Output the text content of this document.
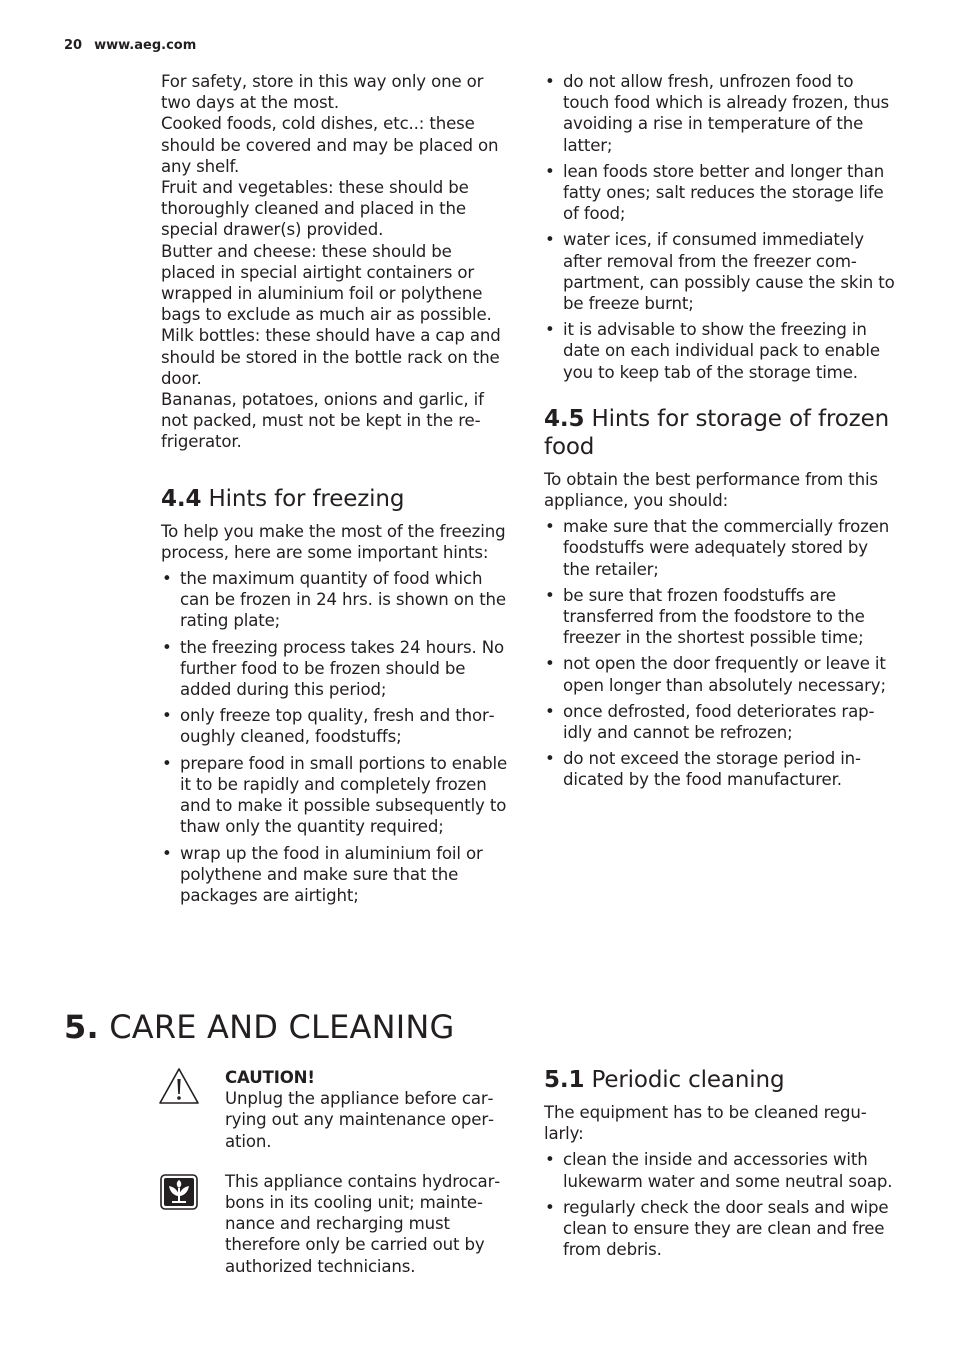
20 www.aeg.com

For safety, store in this way only one or two days at the most.

Cooked foods, cold dishes, etc..: these should be covered and may be placed on any shelf.

Fruit and vegetables: these should be thoroughly cleaned and placed in the special drawer(s) provided.

Butter and cheese: these should be placed in special airtight containers or wrapped in aluminium foil or polythene bags to exclude as much air as possible.

Milk bottles: these should have a cap and should be stored in the bottle rack on the door.

Bananas, potatoes, onions and garlic, if not packed, must not be kept in the refrigerator.

4.4 Hints for freezing

To help you make the most of the freezing process, here are some important hints:

• the maximum quantity of food which can be frozen in 24 hrs. is shown on the rating plate;
• the freezing process takes 24 hours. No further food to be frozen should be added during this period;
• only freeze top quality, fresh and thoroughly cleaned, foodstuffs;
• prepare food in small portions to enable it to be rapidly and completely frozen and to make it possible subsequently to thaw only the quantity required;
• wrap up the food in aluminium foil or polythene and make sure that the packages are airtight;
• do not allow fresh, unfrozen food to touch food which is already frozen, thus avoiding a rise in temperature of the latter;
• lean foods store better and longer than fatty ones; salt reduces the storage life of food;
• water ices, if consumed immediately after removal from the freezer compartment, can possibly cause the skin to be freeze burnt;
• it is advisable to show the freezing in date on each individual pack to enable you to keep tab of the storage time.
4.5 Hints for storage of frozen food

To obtain the best performance from this appliance, you should:

• make sure that the commercially frozen foodstuffs were adequately stored by the retailer;
• be sure that frozen foodstuffs are transferred from the foodstore to the freezer in the shortest possible time;
• not open the door frequently or leave it open longer than absolutely necessary;
• once defrosted, food deteriorates rapidly and cannot be refrozen;
• do not exceed the storage period indicated by the food manufacturer.
5. CARE AND CLEANING

CAUTION!

Unplug the appliance before carrying out any maintenance operation.

This appliance contains hydrocarbons in its cooling unit; maintenance and recharging must therefore only be carried out by authorized technicians.

5.1 Periodic cleaning

The equipment has to be cleaned regularly:

• clean the inside and accessories with lukewarm water and some neutral soap.
• regularly check the door seals and wipe clean to ensure they are clean and free from debris.
